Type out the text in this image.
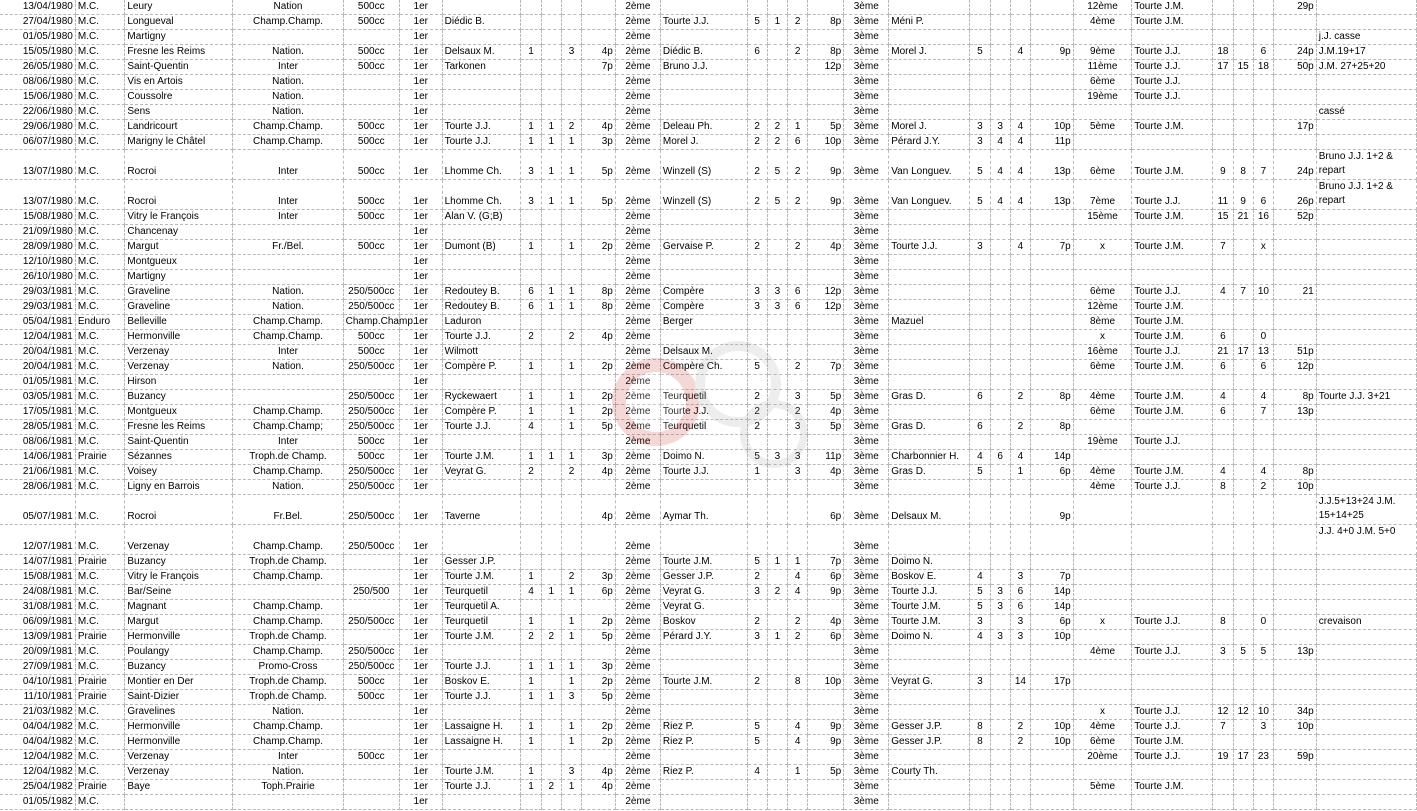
13/04/1980	M.C.	Leury	Nation	500cc	1er						2ème						3ème						12ème	Tourte J.M.				29p	
27/04/1980	M.C.	Longueval	Champ.Champ.	500cc	1er	Diédic B.					2ème	Tourte J.J.	5	1	2	8p	3ème	Méni P.					4ème	Tourte J.M.					
01/05/1980	M.C.	Martigny			1er						2ème						3ème												j.J. casse
15/05/1980	M.C.	Fresne les Reims	Nation.	500cc	1er	Delsaux M.	1		3	4p	2ème	Diédic B.	6		2	8p	3ème	Morel J.	5		4	9p	9ème	Tourte J.J.	18		6	24p	J.M.19+17
26/05/1980	M.C.	Saint-Quentin	Inter	500cc	1er	Tarkonen				7p	2ème	Bruno J.J.				12p	3ème						11ème	Tourte J.J.	17	15	18	50p	J.M. 27+25+20
08/06/1980	M.C.	Vis en Artois	Nation.		1er						2ème						3ème						6ème	Tourte J.J.					
15/06/1980	M.C.	Coussolre	Nation.		1er						2ème						3ème						19ème	Tourte J.J.					
22/06/1980	M.C.	Sens	Nation.		1er						2ème						3ème												cassé
29/06/1980	M.C.	Landricourt	Champ.Champ.	500cc	1er	Tourte J.J.	1	1	2	4p	2ème	Deleau Ph.	2	2	1	5p	3ème	Morel J.	3	3	4	10p	5ème	Tourte J.M.				17p	
06/07/1980	M.C.	Marigny le Châtel	Champ.Champ.	500cc	1er	Tourte J.J.	1	1	1	3p	2ème	Morel J.	2	2	6	10p	3ème	Pérard J.Y.	3	4	4	11p							
13/07/1980	M.C.	Rocroi	Inter	500cc	1er	Lhomme Ch.	3	1	1	5p	2ème	Winzell (S)	2	5	2	9p	3ème	Van Longuev.	5	4	4	13p	6ème	Tourte J.M.	9	8	7	24p	Bruno J.J. 1+2 & repart
13/07/1980	M.C.	Rocroi	Inter	500cc	1er	Lhomme Ch.	3	1	1	5p	2ème	Winzell (S)	2	5	2	9p	3ème	Van Longuev.	5	4	4	13p	7ème	Tourte J.J.	11	9	6	26p	Bruno J.J. 1+2 & repart
15/08/1980	M.C.	Vitry le François	Inter	500cc	1er	Alan V. (G;B)					2ème						3ème						15ème	Tourte J.M.	15	21	16	52p	
21/09/1980	M.C.	Chancenay			1er						2ème						3ème												
28/09/1980	M.C.	Margut	Fr./Bel.	500cc	1er	Dumont (B)	1		1	2p	2ème	Gervaise P.	2		2	4p	3ème	Tourte J.J.	3		4	7p	x	Tourte J.M.	7		x		
12/10/1980	M.C.	Montgueux			1er						2ème						3ème												
26/10/1980	M.C.	Martigny			1er						2ème						3ème												
29/03/1981	M.C.	Graveline	Nation.	250/500cc	1er	Redoutey B.	6	1	1	8p	2ème	Compère	3	3	6	12p	3ème						6ème	Tourte J.J.	4	7	10	21	
29/03/1981	M.C.	Graveline	Nation.	250/500cc	1er	Redoutey B.	6	1	1	8p	2ème	Compère	3	3	6	12p	3ème						12ème	Tourte J.M.					
05/04/1981	Enduro	Belleville	Champ.Champ.	Champ.Champ.	1er	Laduron					2ème	Berger					3ème	Mazuel					8ème	Tourte J.M.					
12/04/1981	M.C.	Hermonville	Champ.Champ.	500cc	1er	Tourte J.J.	2		2	4p	2ème						3ème						x	Tourte J.M.	6		0		
20/04/1981	M.C.	Verzenay	Inter	500cc	1er	Wilmott					2ème	Delsaux M.					3ème						16ème	Tourte J.J.	21	17	13	51p	
20/04/1981	M.C.	Verzenay	Nation.	250/500cc	1er	Compère P.	1		1	2p	2ème	Compère Ch.	5		2	7p	3ème						6ème	Tourte J.M.	6		6	12p	
01/05/1981	M.C.	Hirson			1er						2ème						3ème												
03/05/1981	M.C.	Buzancy		250/500cc	1er	Ryckewaert	1		1	2p	2ème	Teurquetil	2		3	5p	3ème	Gras D.	6		2	8p	4ème	Tourte J.M.	4		4	8p	Tourte J.J. 3+21
17/05/1981	M.C.	Montgueux	Champ.Champ.	250/500cc	1er	Compère P.	1		1	2p	2ème	Tourte J.J.	2		2	4p	3ème						6ème	Tourte J.M.	6		7	13p	
28/05/1981	M.C.	Fresne les Reims	Champ.Champ;	250/500cc	1er	Tourte J.J.	4		1	5p	2ème	Teurquetil	2		3	5p	3ème	Gras D.	6		2	8p							
08/06/1981	M.C.	Saint-Quentin	Inter	500cc	1er						2ème						3ème						19ème	Tourte J.J.					
14/06/1981	Prairie	Sézannes	Troph.de Champ.	500cc	1er	Tourte J.M.	1	1	1	3p	2ème	Doimo N.	5	3	3	11p	3ème	Charbonnier H.	4	6	4	14p							
21/06/1981	M.C.	Voisey	Champ.Champ.	250/500cc	1er	Veyrat G.	2		2	4p	2ème	Tourte J.J.	1		3	4p	3ème	Gras D.	5		1	6p	4ème	Tourte J.M.	4		4	8p	
28/06/1981	M.C.	Ligny en Barrois	Nation.	250/500cc	1er						2ème						3ème						4ème	Tourte J.J.	8		2	10p	
05/07/1981	M.C.	Rocroi	Fr.Bel.	250/500cc	1er	Taverne				4p	2ème	Aymar Th.				6p	3ème	Delsaux M.				9p							J.J.5+13+24 J.M. 15+14+25
12/07/1981	M.C.	Verzenay	Champ.Champ.	250/500cc	1er						2ème						3ème												J.J. 4+0 J.M. 5+0
14/07/1981	Prairie	Buzancy	Troph.de Champ.		1er	Gesser J.P.					2ème	Tourte J.M.	5	1	1	7p	3ème	Doimo N.											
15/08/1981	M.C.	Vitry le François	Champ.Champ.		1er	Tourte J.M.	1		2	3p	2ème	Gesser J.P.	2		4	6p	3ème	Boskov E.	4		3	7p							
24/08/1981	M.C.	Bar/Seine		250/500	1er	Teurquetil	4	1	1	6p	2ème	Veyrat G.	3	2	4	9p	3ème	Tourte J.J.	5	3	6	14p							
31/08/1981	M.C.	Magnant	Champ.Champ.		1er	Teurquetil A.					2ème	Veyrat G.					3ème	Tourte J.M.	5	3	6	14p							
06/09/1981	M.C.	Margut	Champ.Champ.	250/500cc	1er	Teurquetil	1		1	2p	2ème	Boskov	2		2	4p	3ème	Tourte J.M.	3		3	6p	x	Tourte J.J.	8		0		crevaison
13/09/1981	Prairie	Hermonville	Troph.de Champ.		1er	Tourte J.M.	2	2	1	5p	2ème	Pérard J.Y.	3	1	2	6p	3ème	Doimo N.	4	3	3	10p							
20/09/1981	M.C.	Poulangy	Champ.Champ.	250/500cc	1er						2ème						3ème						4ème	Tourte J.J.	3	5	5	13p	
27/09/1981	M.C.	Buzancy	Promo-Cross	250/500cc	1er	Tourte J.J.	1	1	1	3p	2ème						3ème												
04/10/1981	Prairie	Montier en Der	Troph.de Champ.	500cc	1er	Boskov E.	1		1	2p	2ème	Tourte J.M.	2		8	10p	3ème	Veyrat G.	3		14	17p							
11/10/1981	Prairie	Saint-Dizier	Troph.de Champ.	500cc	1er	Tourte J.J.	1	1	3	5p	2ème						3ème												
21/03/1982	M.C.	Gravelines	Nation.		1er						2ème						3ème						x	Tourte J.J.	12	12	10	34p	
04/04/1982	M.C.	Hermonville	Champ.Champ.		1er	Lassaigne H.	1		1	2p	2ème	Riez P.	5		4	9p	3ème	Gesser J.P.	8		2	10p	4ème	Tourte J.J.	7		3	10p	
04/04/1982	M.C.	Hermonville	Champ.Champ.		1er	Lassaigne H.	1		1	2p	2ème	Riez P.	5		4	9p	3ème	Gesser J.P.	8		2	10p	6ème	Tourte J.M.					
12/04/1982	M.C.	Verzenay	Inter	500cc	1er						2ème						3ème						20ème	Tourte J.J.	19	17	23	59p	
12/04/1982	M.C.	Verzenay	Nation.		1er	Tourte J.M.	1		3	4p	2ème	Riez P.	4		1	5p	3ème	Courty Th.											
25/04/1982	Prairie	Baye	Toph.Prairie		1er	Tourte J.J.	1	2	1	4p	2ème						3ème						5ème	Tourte J.M.					
01/05/1982	M.C.				1er						2ème						3ème												
